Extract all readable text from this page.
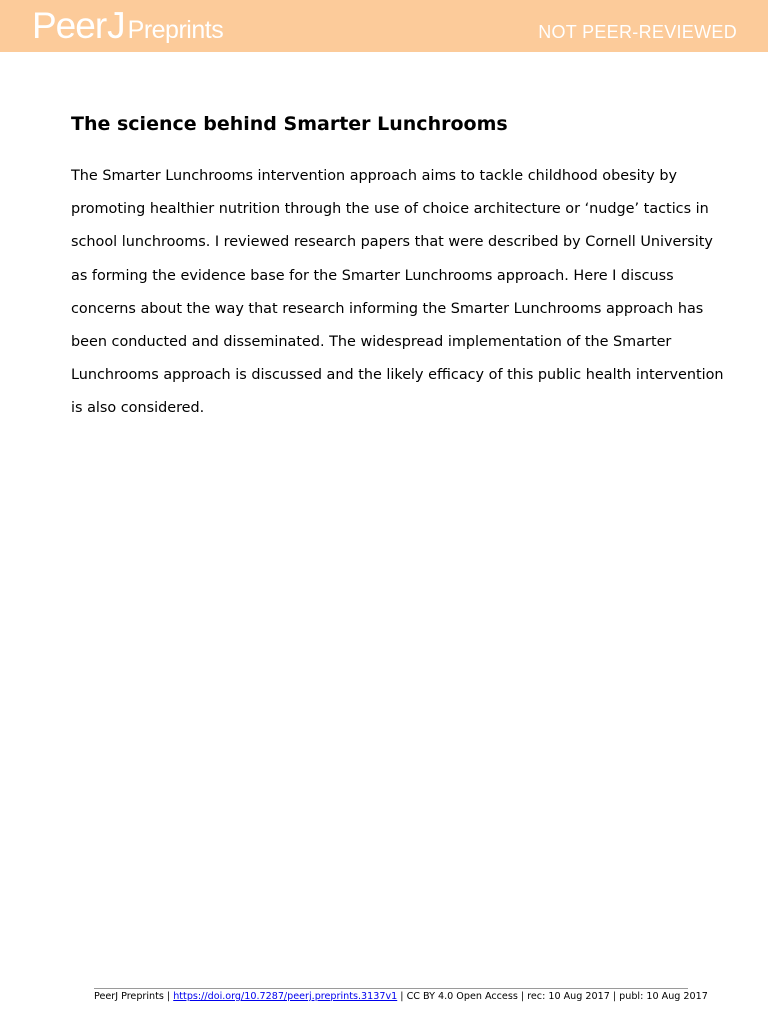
Peer J Preprints	NOT PEER-REVIEWED
The science behind Smarter Lunchrooms

The Smarter Lunchrooms intervention approach aims to tackle childhood obesity by
promoting healthier nutrition through the use of choice architecture or ‘nudge’ tactics in
school lunchrooms. I reviewed research papers that were described by Cornell University
as forming the evidence base for the Smarter Lunchrooms approach. Here I discuss
concerns about the way that research informing the Smarter Lunchrooms approach has
been conducted and disseminated. The widespread implementation of the Smarter
Lunchrooms approach is discussed and the likely efficacy of this public health intervention
is also considered.

PeerJ Preprints | https://doi.org/10.7287/peerj.preprints.3137v1 | CC BY 4.0 Open Access | rec: 10 Aug 2017 | publ: 10 Aug 2017
